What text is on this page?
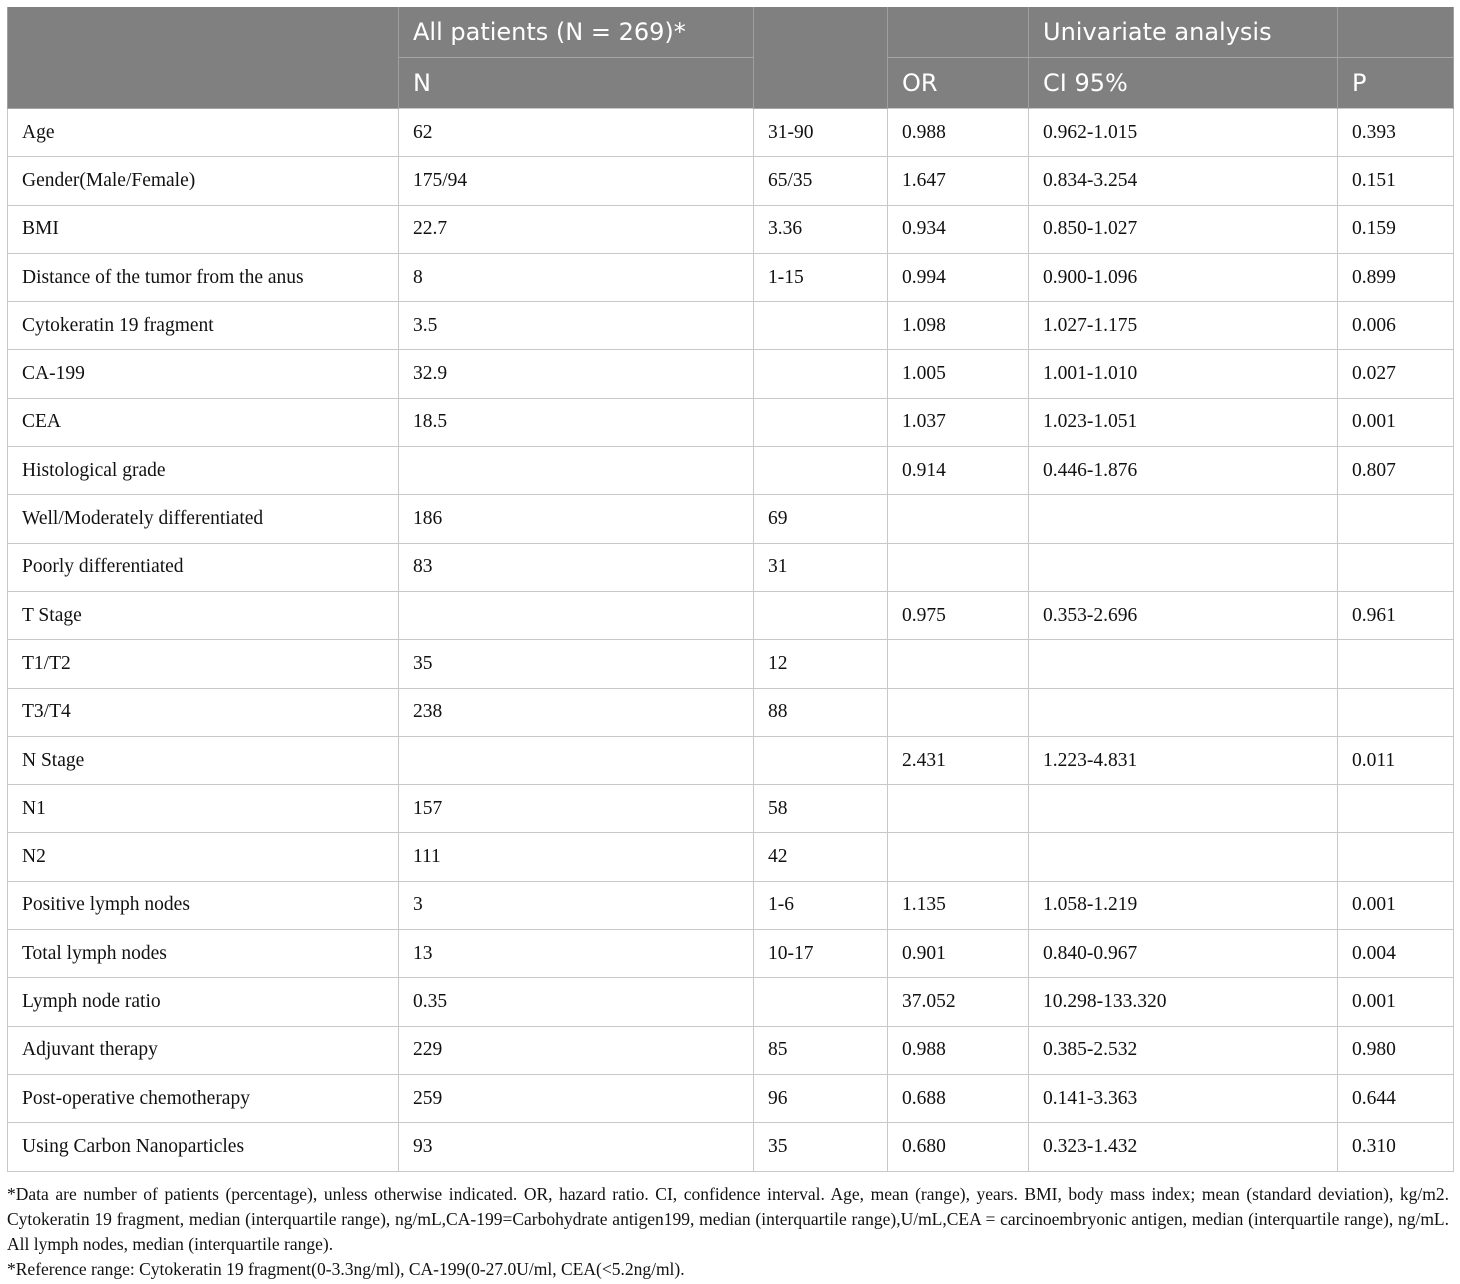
	All patients (N = 269)*			Univariate analysis	
	N		OR	CI 95%	P
Age	62	31-90	0.988	0.962-1.015	0.393
Gender(Male/Female)	175/94	65/35	1.647	0.834-3.254	0.151
BMI	22.7	3.36	0.934	0.850-1.027	0.159
Distance of the tumor from the anus	8	1-15	0.994	0.900-1.096	0.899
Cytokeratin 19 fragment	3.5		1.098	1.027-1.175	0.006
CA-199	32.9		1.005	1.001-1.010	0.027
CEA	18.5		1.037	1.023-1.051	0.001
Histological grade			0.914	0.446-1.876	0.807
Well/Moderately differentiated	186	69			
Poorly differentiated	83	31			
T Stage			0.975	0.353-2.696	0.961
T1/T2	35	12			
T3/T4	238	88			
N Stage			2.431	1.223-4.831	0.011
N1	157	58			
N2	111	42			
Positive lymph nodes	3	1-6	1.135	1.058-1.219	0.001
Total lymph nodes	13	10-17	0.901	0.840-0.967	0.004
Lymph node ratio	0.35		37.052	10.298-133.320	0.001
Adjuvant therapy	229	85	0.988	0.385-2.532	0.980
Post-operative chemotherapy	259	96	0.688	0.141-3.363	0.644
Using Carbon Nanoparticles	93	35	0.680	0.323-1.432	0.310

*Data are number of patients (percentage), unless otherwise indicated. OR, hazard ratio. CI, confidence interval. Age, mean (range), years. BMI, body mass index; mean (standard deviation), kg/m2. Cytokeratin 19 fragment, median (interquartile range), ng/mL,CA-199=Carbohydrate antigen199, median (interquartile range),U/mL,CEA = carcinoembryonic antigen, median (interquartile range), ng/mL. All lymph nodes, median (interquartile range).

*Reference range: Cytokeratin 19 fragment(0-3.3ng/ml), CA-199(0-27.0U/ml, CEA(<5.2ng/ml).
